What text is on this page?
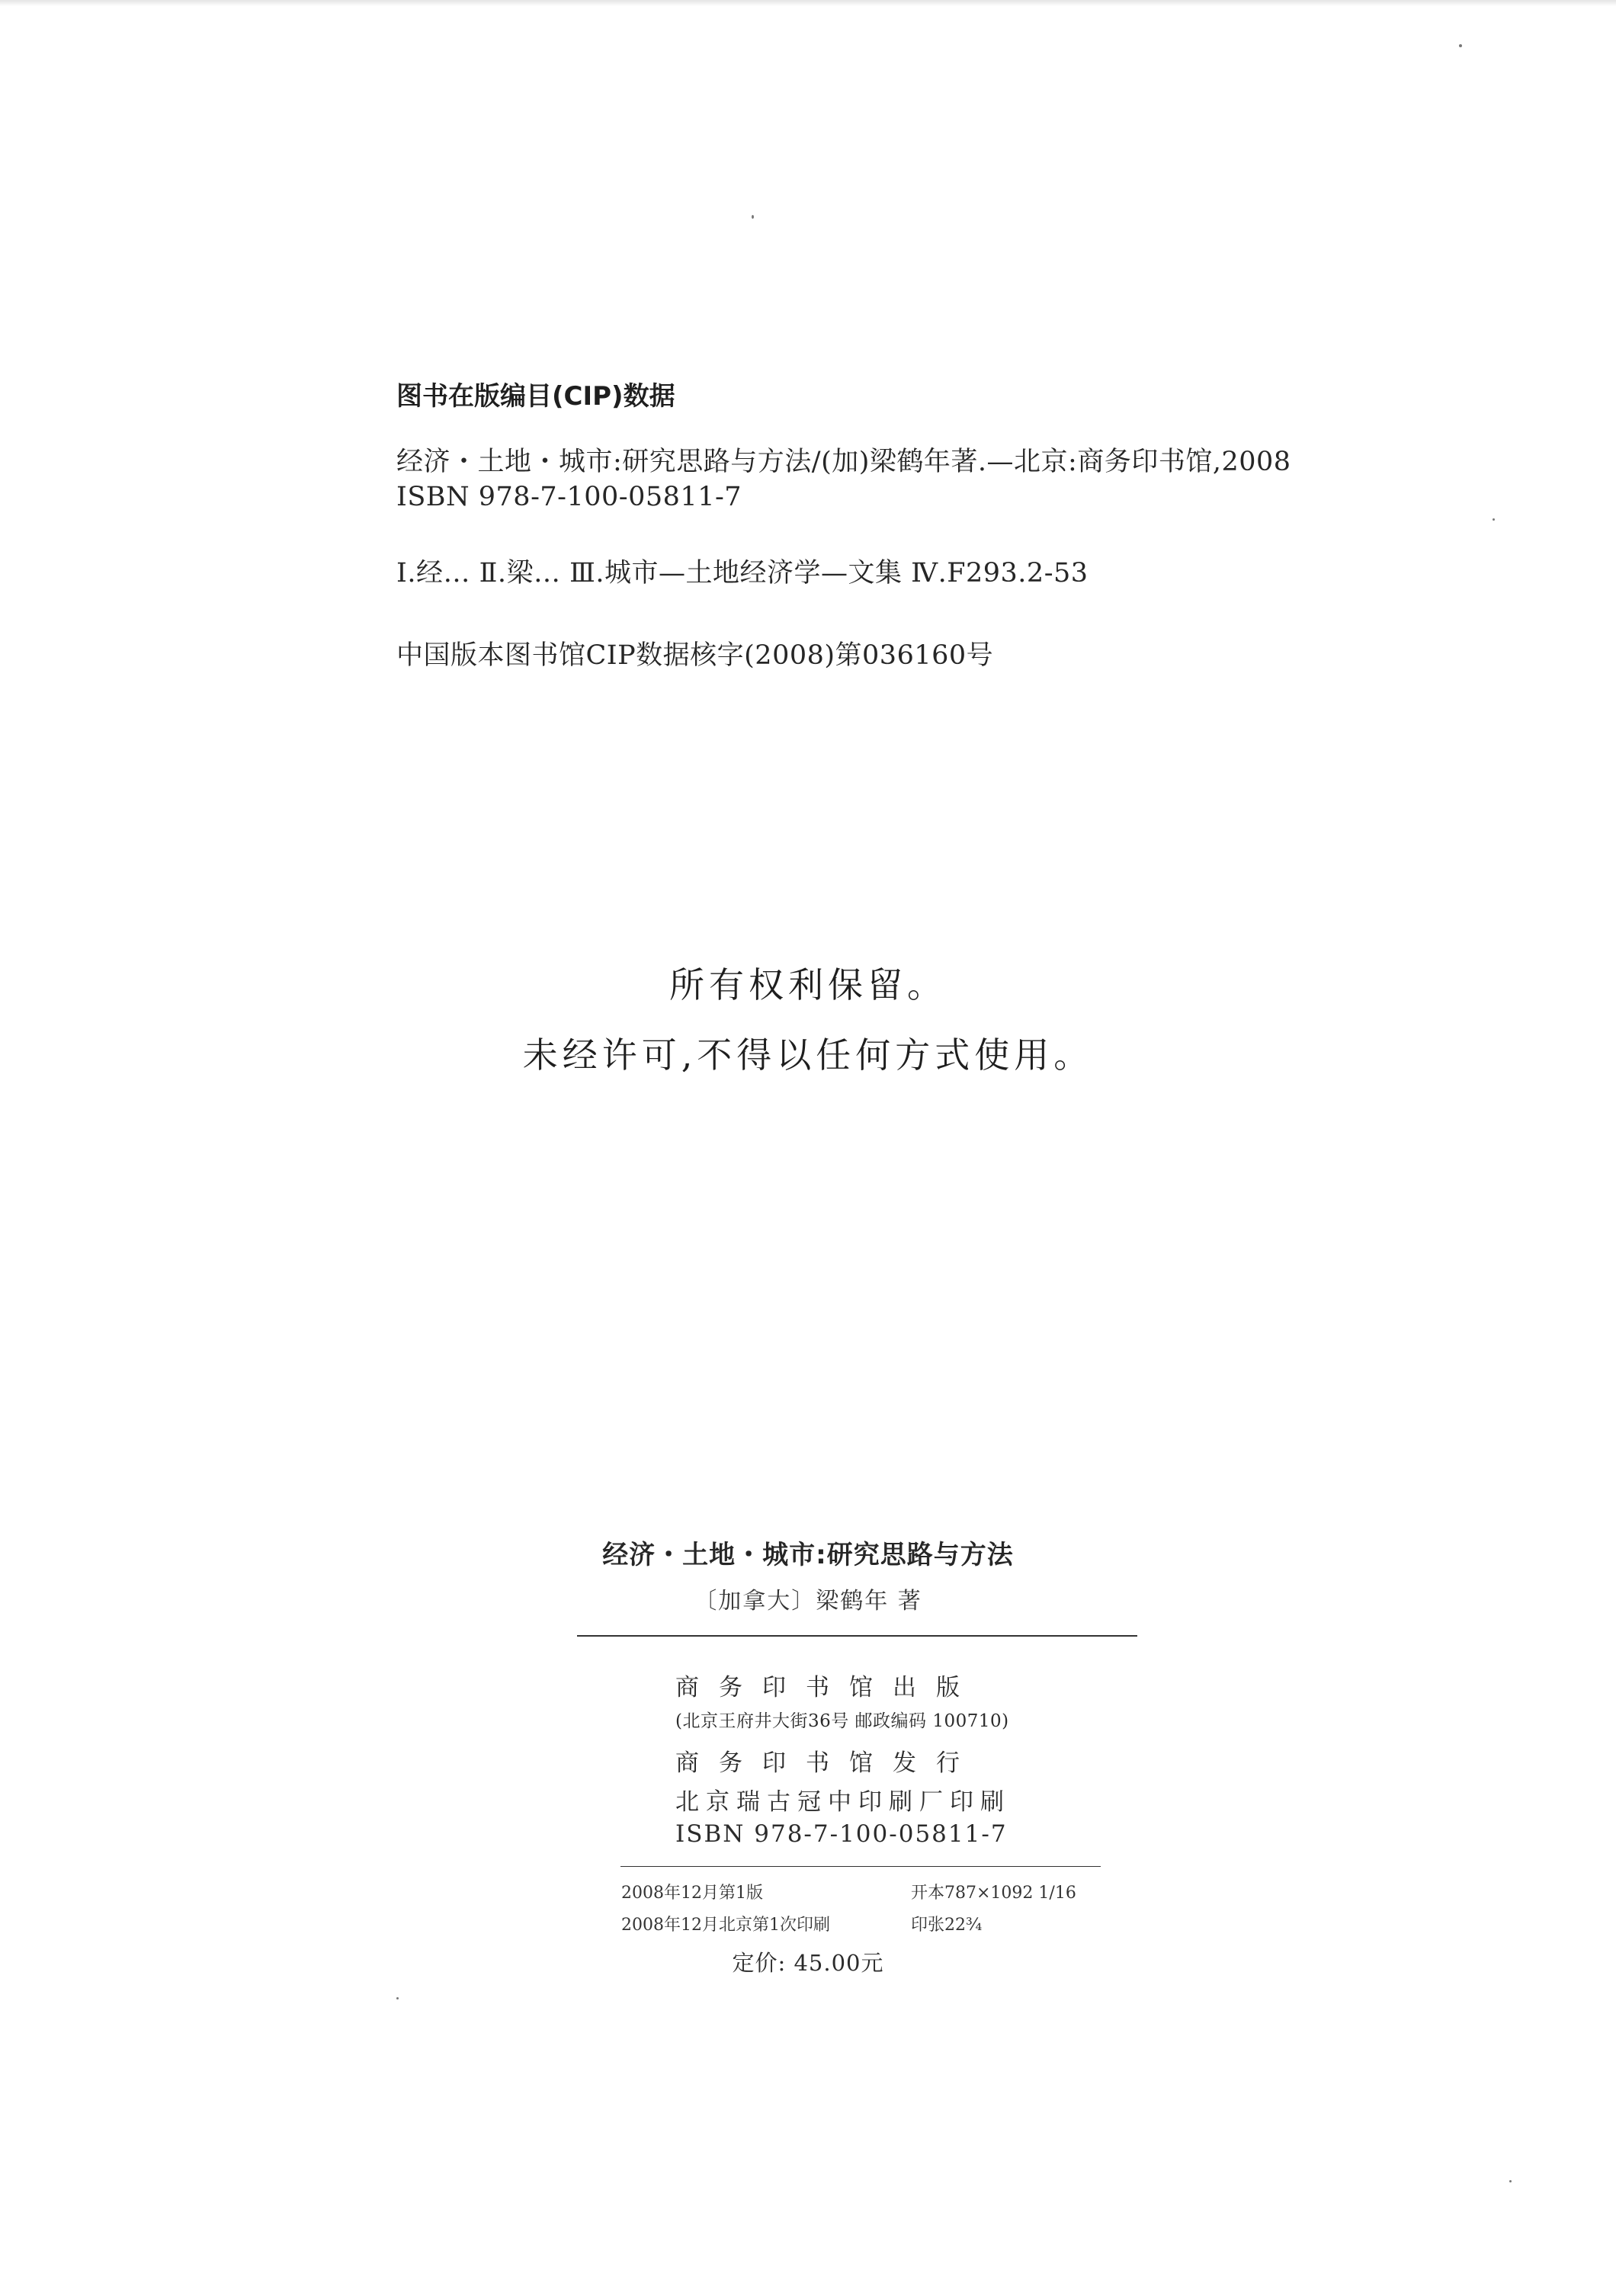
图书在版编目(CIP)数据
经济・土地・城市:研究思路与方法/(加)梁鹤年著.—北京:商务印书馆,2008
ISBN 978-7-100-05811-7
Ⅰ.经… Ⅱ.梁… Ⅲ.城市—土地经济学—文集 Ⅳ.F293.2-53
中国版本图书馆CIP数据核字(2008)第036160号
所有权利保留。
未经许可,不得以任何方式使用。
经济・土地・城市:研究思路与方法
〔加拿大〕梁鹤年 著
商务印书馆出版
(北京王府井大街36号 邮政编码 100710)
商务印书馆发行
北京瑞古冠中印刷厂印刷
ISBN 978-7-100-05811-7
2008年12月第1版	开本787×1092 1/16
2008年12月北京第1次印刷	印张22¾
定价: 45.00元
